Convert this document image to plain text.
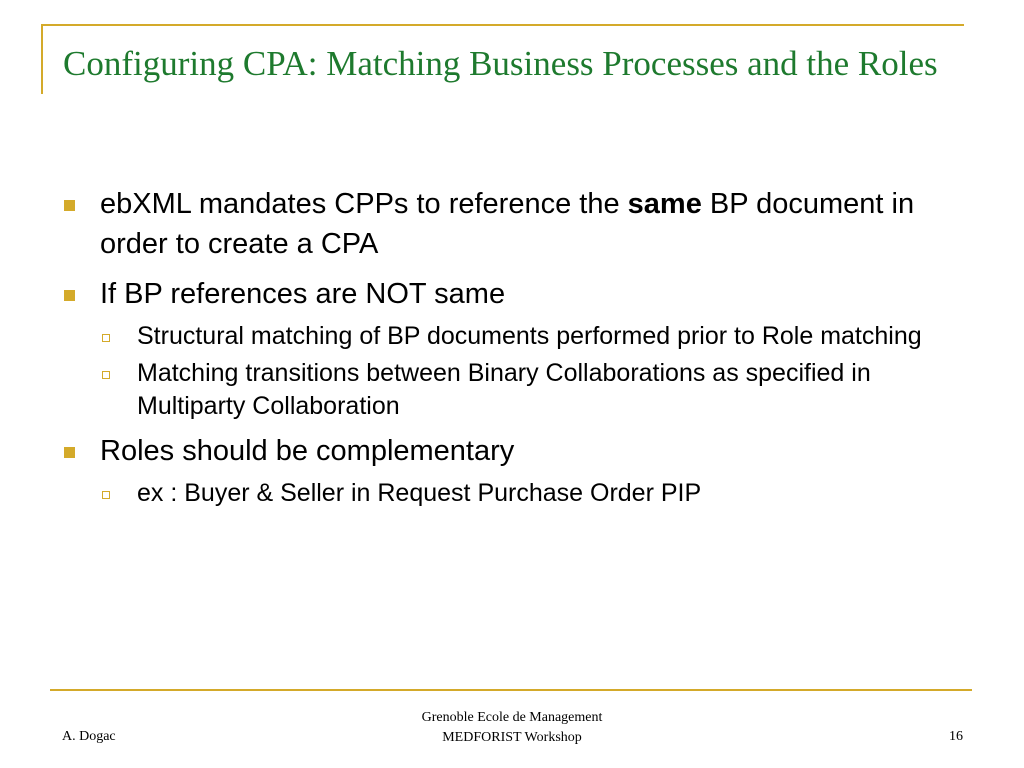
Configuring CPA: Matching Business Processes and the Roles
ebXML mandates CPPs to reference the same BP document in order to create a CPA
If BP references are NOT same
Structural matching of BP documents performed prior to Role matching
Matching transitions between Binary Collaborations as specified in Multiparty Collaboration
Roles should be complementary
ex : Buyer & Seller in Request Purchase Order PIP
A. Dogac
Grenoble Ecole de Management
MEDFORIST Workshop	16
